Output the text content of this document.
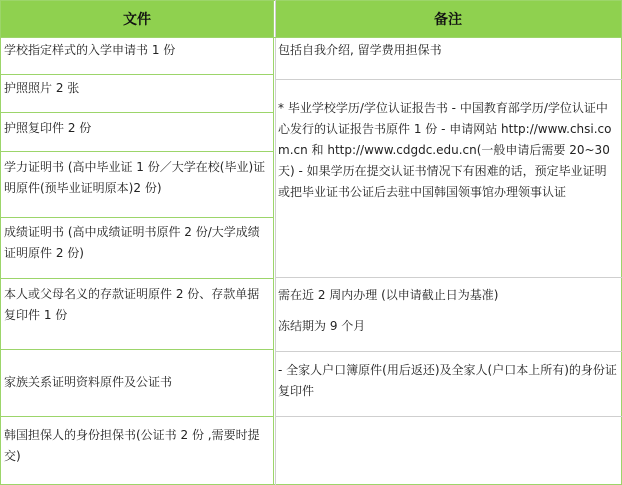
文件	备注
学校指定样式的入学申请书 1 份
护照照片 2 张
护照复印件 2 份
学力证明书 (高中毕业证 1 份／大学在校(毕业)证明原件(预毕业证明原本)2 份)
成绩证明书 (高中成绩证明书原件 2 份/大学成绩证明原件 2 份)
本人或父母名义的存款证明原件 2 份、存款单据复印件 1 份
家族关系证明资料原件及公证书
韩国担保人的身份担保书(公证书 2 份 ,需要时提交)

包括自我介绍, 留学费用担保书

* 毕业学校学历/学位认证报告书 - 中国教育部学历/学位认证中心发行的认证报告书原件 1 份 - 申请网站 http://www.chsi.com.cn 和 http://www.cdgdc.edu.cn(一般申请后需要 20~30 天) - 如果学历在提交认证书情况下有困难的话，预定毕业证明或把毕业证书公证后去驻中国韩国领事馆办理领事认证

需在近 2 周内办理 (以申请截止日为基准)

冻结期为 9 个月

- 全家人户口簿原件(用后返还)及全家人(户口本上所有)的身份证复印件
